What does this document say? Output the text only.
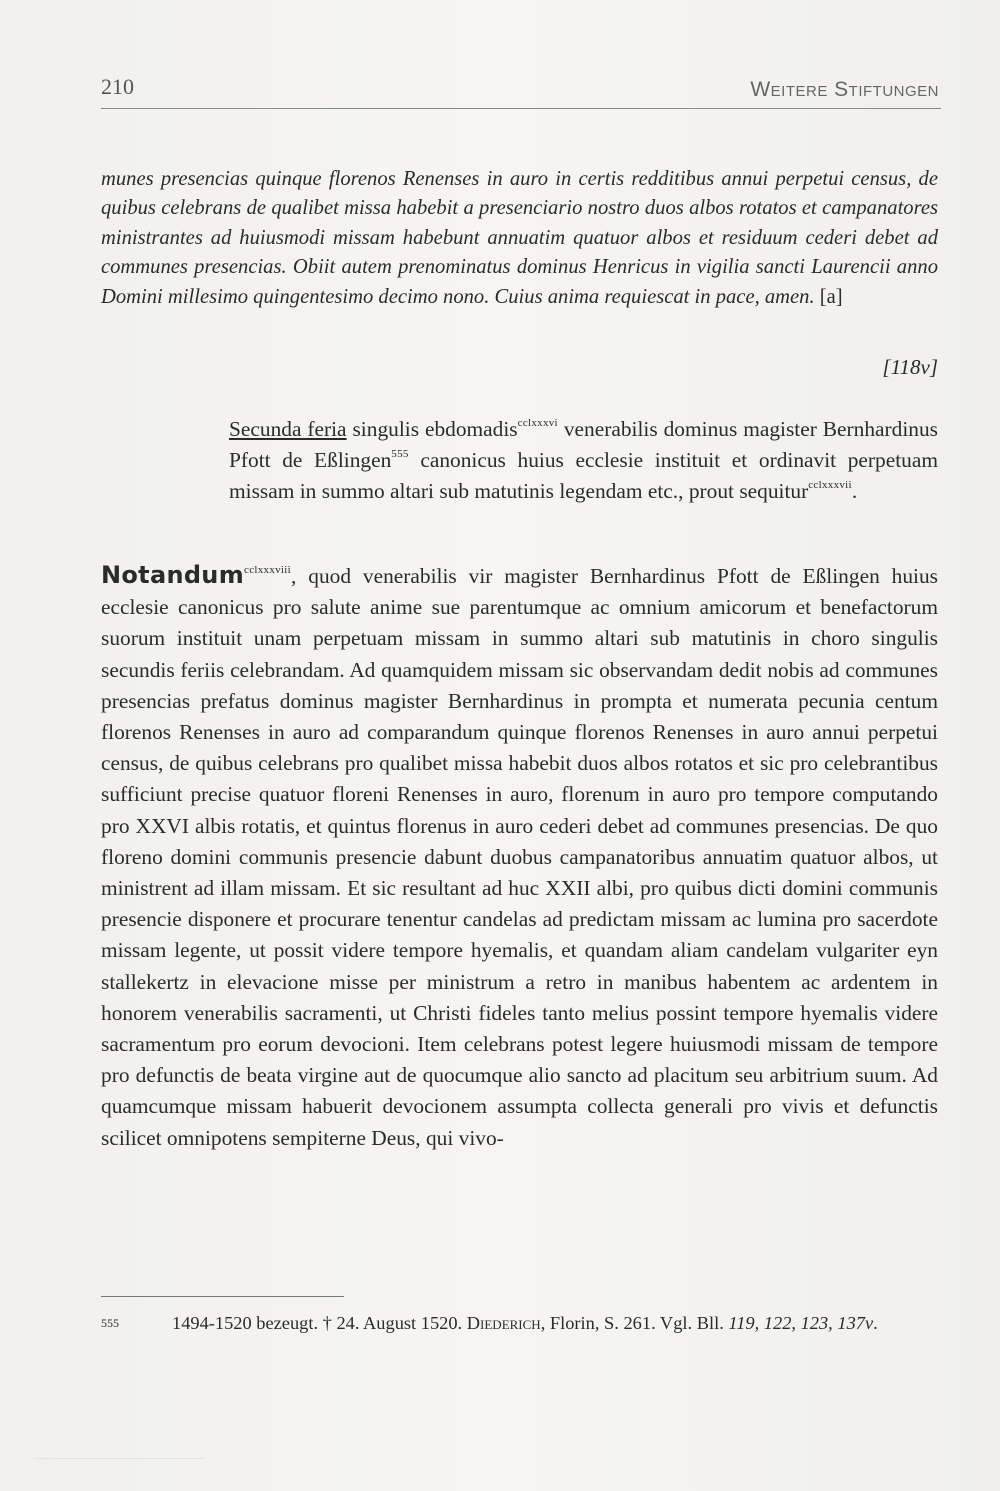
210	Weitere Stiftungen
munes presencias quinque florenos Renenses in auro in certis redditibus annui perpetui census, de quibus celebrans de qualibet missa habebit a presenciario nostro duos albos rotatos et campanatores ministrantes ad huiusmodi missam habebunt annuatim quatuor albos et residuum cederi debet ad communes presencias. Obiit autem prenominatus dominus Henricus in vigilia sancti Laurencii anno Domini millesimo quingentesimo decimo nono. Cuius anima requiescat in pace, amen. [a]
[118v]
Secunda feria singulis ebdomadis$^{cclxxxvi}$ venerabilis dominus magister Bernhardinus Pfott de Eßlingen$^{555}$ canonicus huius ecclesie instituit et ordinavit perpetuam missam in summo altari sub matutinis legendam etc., prout sequitur$^{cclxxxvii}$.
Notandum$^{cclxxxviii}$, quod venerabilis vir magister Bernhardinus Pfott de Eßlingen huius ecclesie canonicus pro salute anime sue parentumque ac omnium amicorum et benefactorum suorum instituit unam perpetuam missam in summo altari sub matutinis in choro singulis secundis feriis celebrandam. Ad quamquidem missam sic observandam dedit nobis ad communes presencias prefatus dominus magister Bernhardinus in prompta et numerata pecunia centum florenos Renenses in auro ad comparandum quinque florenos Renenses in auro annui perpetui census, de quibus celebrans pro qualibet missa habebit duos albos rotatos et sic pro celebrantibus sufficiunt precise quatuor floreni Renenses in auro, florenum in auro pro tempore computando pro XXVI albis rotatis, et quintus florenus in auro cederi debet ad communes presencias. De quo floreno domini communis presencie dabunt duobus campanatoribus annuatim quatuor albos, ut ministrent ad illam missam. Et sic resultant ad huc XXII albi, pro quibus dicti domini communis presencie disponere et procurare tenentur candelas ad predictam missam ac lumina pro sacerdote missam legente, ut possit videre tempore hyemalis, et quandam aliam candelam vulgariter eyn stallekertz in elevacione misse per ministrum a retro in manibus habentem ac ardentem in honorem venerabilis sacramenti, ut Christi fideles tanto melius possint tempore hyemalis videre sacramentum pro eorum devocioni. Item celebrans potest legere huiusmodi missam de tempore pro defunctis de beata virgine aut de quocumque alio sancto ad placitum seu arbitrium suum. Ad quamcumque missam habuerit devocionem assumpta collecta generali pro vivis et defunctis scilicet omnipotens sempiterne Deus, qui vivo-
555	1494-1520 bezeugt. † 24. August 1520. Diederich, Florin, S. 261. Vgl. Bll. 119, 122, 123, 137v.
